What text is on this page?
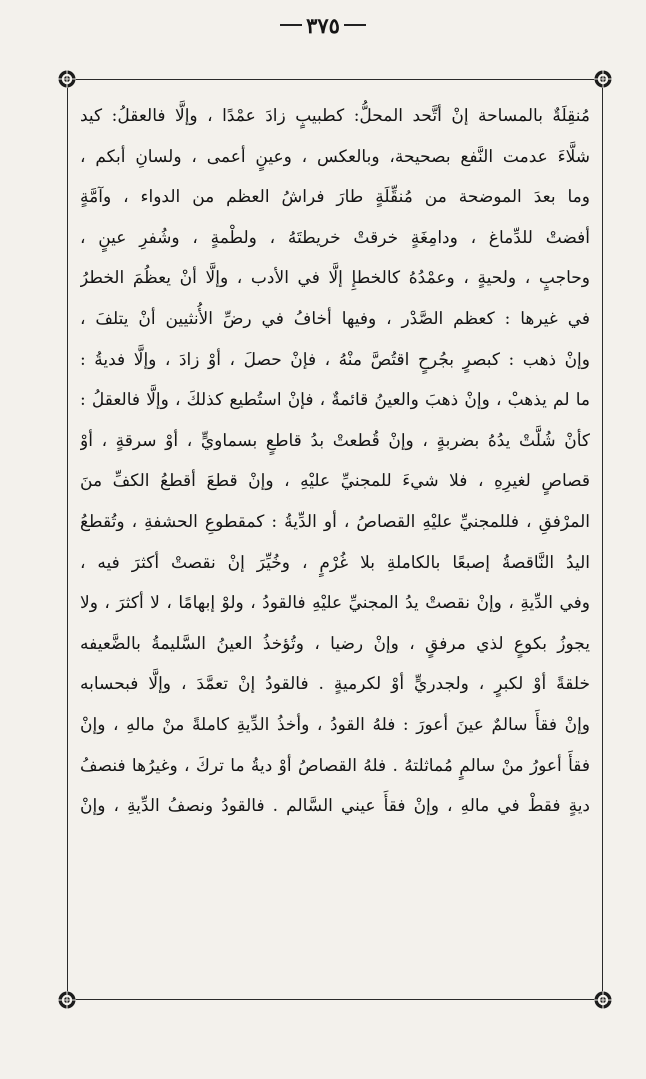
٣٧٥
مُنقِلَةٌ بالمساحة إنْ أتَّحد المحلُّ: كطبيبٍ زادَ عمْدًا ، وإلَّا فالعقلُ: كيد
شلَّاءَ عدمت النَّفع بصحيحة، وبالعكس ، وعينٍ أعمى ، ولسانِ أبكم ،
وما بعدَ الموضحة من مُنقِّلَةٍ طارَ فراشُ العظم من الدواء ، وآمَّةٍ
أفضتْ للدِّماغ ، ودامِغَةٍ خرقتْ خريطتَهُ ، ولطْمةٍ ، وشُفرِ عينٍ ،
وحاجبٍ ، ولحيةٍ ، وعمْدُهُ كالخطإِ إلَّا في الأدب ، وإلَّا أنْ يعظُمَ الخطرُ
في غيرها : كعظم الصَّدْر ، وفيها أخافُ في رضِّ الأُنثيين أنْ يتلفَ ،
وإنْ ذهب : كبصرٍ بجُرحٍ اقتُصَّ منْهُ ، فإنْ حصلَ ، أوْ زادَ ، وإلَّا فديةُ :
ما لم يذهبْ ، وإنْ ذهبَ والعينُ قائمةٌ ، فإنْ استُطيع كذلكَ ، وإلَّا فالعقلُ :
كأنْ شُلَّتْ يدُهُ بضربةٍ ، وإنْ قُطعتْ بدُ قاطعٍ بسماويٍّ ، أوْ سرقةٍ ، أوْ
قصاصٍ لغيرِهِ ، فلا شيءَ للمجنيِّ عليْهِ ، وإنْ قطعَ أقطعُ الكفِّ منَ
المرْفقِ ، فللمجنيِّ عليْهِ القصاصُ ، أو الدِّيةُ : كمقطوعِ الحشفةِ ، وتُقطعُ
اليدُ النَّاقصةُ إصبعًا بالكاملةِ بلا غُرْمٍ ، وخُيِّرَ إنْ نقصتْ أكثرَ فيه ،
وفي الدِّيةِ ، وإنْ نقصتْ يدُ المجنيِّ عليْهِ فالقودُ ، ولوْ إبهامًا ، لا أكثرَ ، ولا
يجوزُ بكوعٍ لذي مرفقٍ ، وإنْ رضيا ، وتُؤخذُ العينُ السَّليمةُ بالضَّعيفه
خلقةً أوْ لكبرٍ ، ولجدريٍّ أوْ لكرميةٍ . فالقودُ إنْ تعمَّدَ ، وإلَّا فبحسابه
وإنْ فقأَ سالمٌ عينَ أعورَ : فلهُ القودُ ، وأخذُ الدِّيةِ كاملةً منْ مالهِ ، وإنْ
فقأَ أعورُ منْ سالمٍ مُماثلتهُ . فلهُ القصاصُ أوْ ديةُ ما تركَ ، وغيرُها فنصفُ
ديةٍ فقطْ في مالهِ ، وإنْ فقأَ عيني السَّالم . فالقودُ ونصفُ الدِّيةِ ، وإنْ
